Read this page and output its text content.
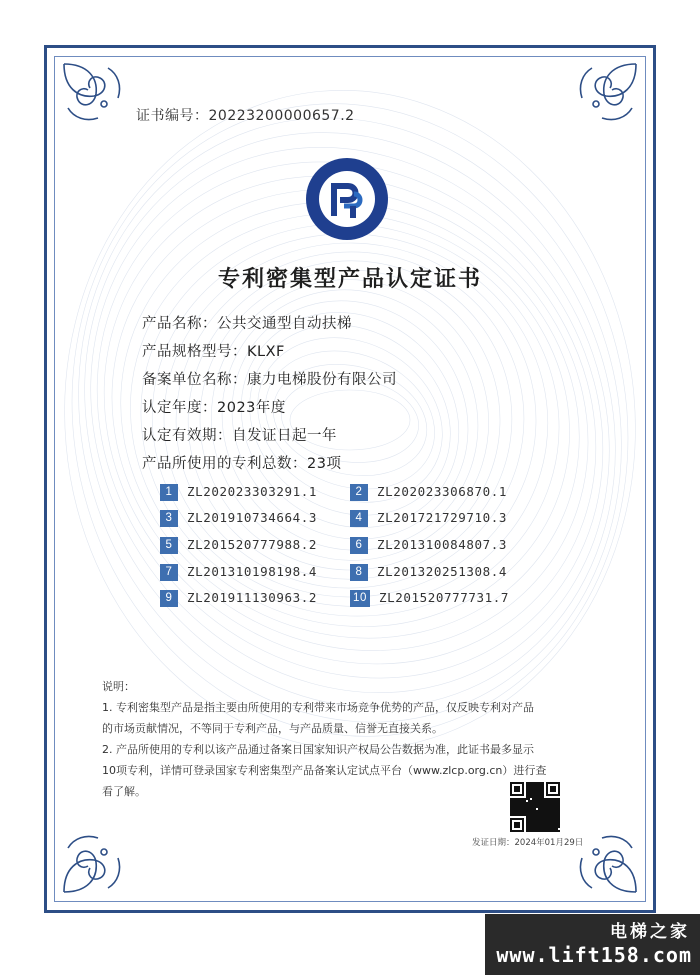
证书编号：20223200000657.2
专利密集型产品认定证书
产品名称：公共交通型自动扶梯
产品规格型号：KLXF
备案单位名称：康力电梯股份有限公司
认定年度：2023年度
认定有效期：自发证日起一年
产品所使用的专利总数：23项
1 ZL202023303291.1	2 ZL202023306870.1
3 ZL201910734664.3	4 ZL201721729710.3
5 ZL201520777988.2	6 ZL201310084807.3
7 ZL201310198198.4	8 ZL201320251308.4
9 ZL201911130963.2	10 ZL201520777731.7
说明：
1. 专利密集型产品是指主要由所使用的专利带来市场竞争优势的产品，仅反映专利对产品
的市场贡献情况，不等同于专利产品，与产品质量、信誉无直接关系。
2. 产品所使用的专利以该产品通过备案日国家知识产权局公告数据为准，此证书最多显示
10项专利，详情可登录国家专利密集型产品备案认定试点平台（www.zlcp.org.cn）进行查
看了解。
发证日期：2024年01月29日
电梯之家
www.lift158.com
